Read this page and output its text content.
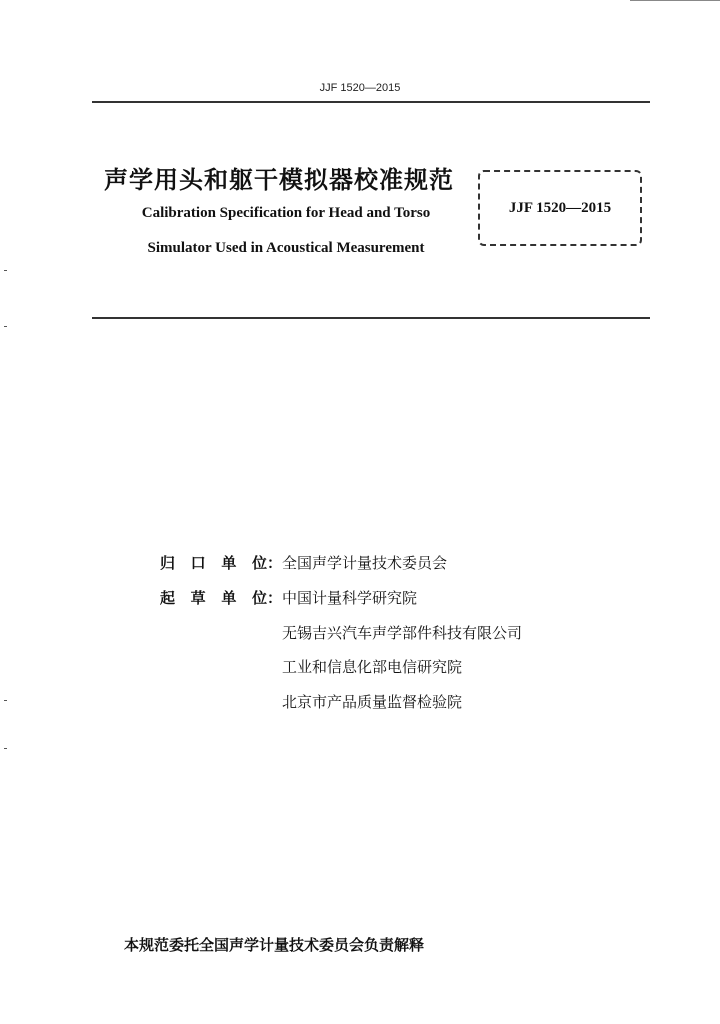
JJF 1520—2015
声学用头和躯干模拟器校准规范
Calibration Specification for Head and Torso
Simulator Used in Acoustical Measurement
JJF 1520—2015
归 口 单 位： 全国声学计量技术委员会
起 草 单 位： 中国计量科学研究院
无锡吉兴汽车声学部件科技有限公司
工业和信息化部电信研究院
北京市产品质量监督检验院
本规范委托全国声学计量技术委员会负责解释
